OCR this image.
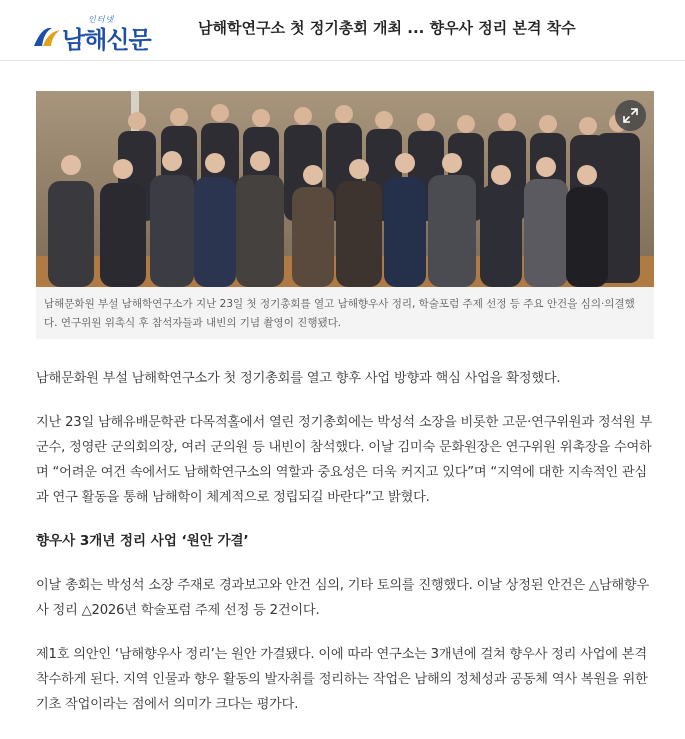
인터넷
남해신문	남해학연구소 첫 정기총회 개최 ... 향우사 정리 본격 착수
남해문화원 부설 남해학연구소가 지난 23일 첫 정기총회를 열고 남해향우사 정리, 학술포럼 주제 선정 등 주요 안건을 심의·의결했다. 연구위원 위촉식 후 참석자들과 내빈의 기념 촬영이 진행됐다.

남해문화원 부설 남해학연구소가 첫 정기총회를 열고 향후 사업 방향과 핵심 사업을 확정했다.

지난 23일 남해유배문학관 다목적홀에서 열린 정기총회에는 박성석 소장을 비롯한 고문·연구위원과 정석원 부군수, 정영란 군의회의장, 여러 군의원 등 내빈이 참석했다. 이날 김미숙 문화원장은 연구위원 위촉장을 수여하며 “어려운 여건 속에서도 남해학연구소의 역할과 중요성은 더욱 커지고 있다”며 “지역에 대한 지속적인 관심과 연구 활동을 통해 남해학이 체계적으로 정립되길 바란다”고 밝혔다.

향우사 3개년 정리 사업 ‘원안 가결’

이날 총회는 박성석 소장 주재로 경과보고와 안건 심의, 기타 토의를 진행했다. 이날 상정된 안건은 △남해향우사 정리 △2026년 학술포럼 주제 선정 등 2건이다.

제1호 의안인 ‘남해향우사 정리’는 원안 가결됐다. 이에 따라 연구소는 3개년에 걸쳐 향우사 정리 사업에 본격 착수하게 된다. 지역 인물과 향우 활동의 발자취를 정리하는 작업은 남해의 정체성과 공동체 역사 복원을 위한 기초 작업이라는 점에서 의미가 크다는 평가다.
